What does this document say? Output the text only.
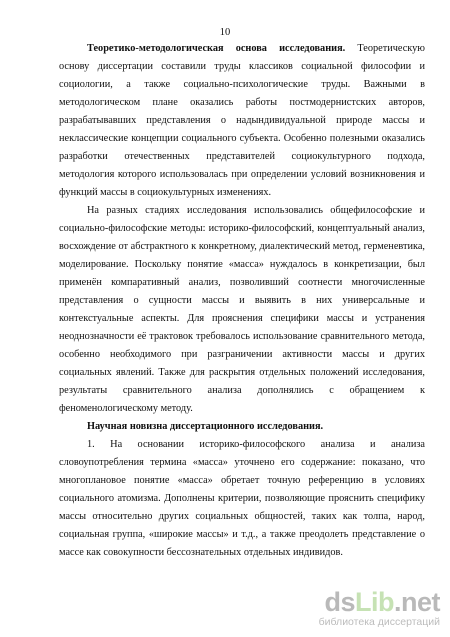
10

Теоретико-методологическая основа исследования. Теоретическую основу диссертации составили труды классиков социальной философии и социологии, а также социально-психологические труды. Важными в методологическом плане оказались работы постмодернистских авторов, разрабатывавших представления о надындивидуальной природе массы и неклассические концепции социального субъекта. Особенно полезными оказались разработки отечественных представителей социокультурного подхода, методология которого использовалась при определении условий возникновения и функций массы в социокультурных изменениях.

На разных стадиях исследования использовались общефилософские и социально-философские методы: историко-философский, концептуальный анализ, восхождение от абстрактного к конкретному, диалектический метод, герменевтика, моделирование. Поскольку понятие «масса» нуждалось в конкретизации, был применён компаративный анализ, позволивший соотнести многочисленные представления о сущности массы и выявить в них универсальные и контекстуальные аспекты. Для прояснения специфики массы и устранения неоднозначности её трактовок требовалось использование сравнительного метода, особенно необходимого при разграничении активности массы и других социальных явлений. Также для раскрытия отдельных положений исследования, результаты сравнительного анализа дополнялись с обращением к феноменологическому методу.

Научная новизна диссертационного исследования.

1. На основании историко-философского анализа и анализа словоупотребления термина «масса» уточнено его содержание: показано, что многоплановое понятие «масса» обретает точную референцию в условиях социального атомизма. Дополнены критерии, позволяющие прояснить специфику массы относительно других социальных общностей, таких как толпа, народ, социальная группа, «широкие массы» и т.д., а также преодолеть представление о массе как совокупности бессознательных отдельных индивидов.

dsLib.net
библиотека диссертаций
